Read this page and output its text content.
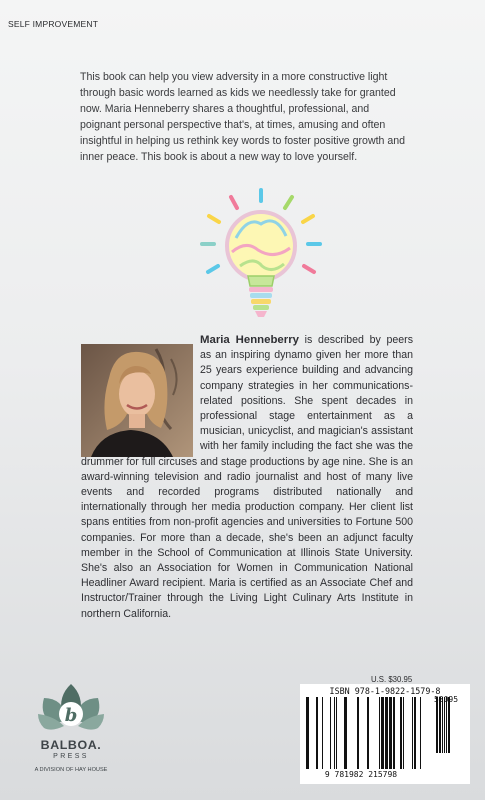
SELF IMPROVEMENT

This book can help you view adversity in a more constructive light through basic words learned as kids we needlessly take for granted now. Maria Henneberry shares a thoughtful, professional, and poignant personal perspective that's, at times, amusing and often insightful in helping us rethink key words to foster positive growth and inner peace. This book is about a new way to love yourself.

Maria Henneberry is described by peers as an inspiring dynamo given her more than 25 years experience building and advancing company strategies in her communications-related positions. She spent decades in professional stage entertainment as a musician, unicyclist, and magician's assistant with her family including the fact she was the drummer for full circuses and stage productions by age nine. She is an award-winning television and radio journalist and host of many live events and recorded programs distributed nationally and internationally through her media production company. Her client list spans entities from non-profit agencies and universities to Fortune 500 companies. For more than a decade, she's been an adjunct faculty member in the School of Communication at Illinois State University. She's also an Association for Women in Communication National Headliner Award recipient. Maria is certified as an Associate Chef and Instructor/Trainer through the Living Light Culinary Arts Institute in northern California.

U.S. $30.95
ISBN 978-1-9822-1579-8
53095
9 781982 215798
b
BALBOA.
PRESS
A DIVISION OF HAY HOUSE
